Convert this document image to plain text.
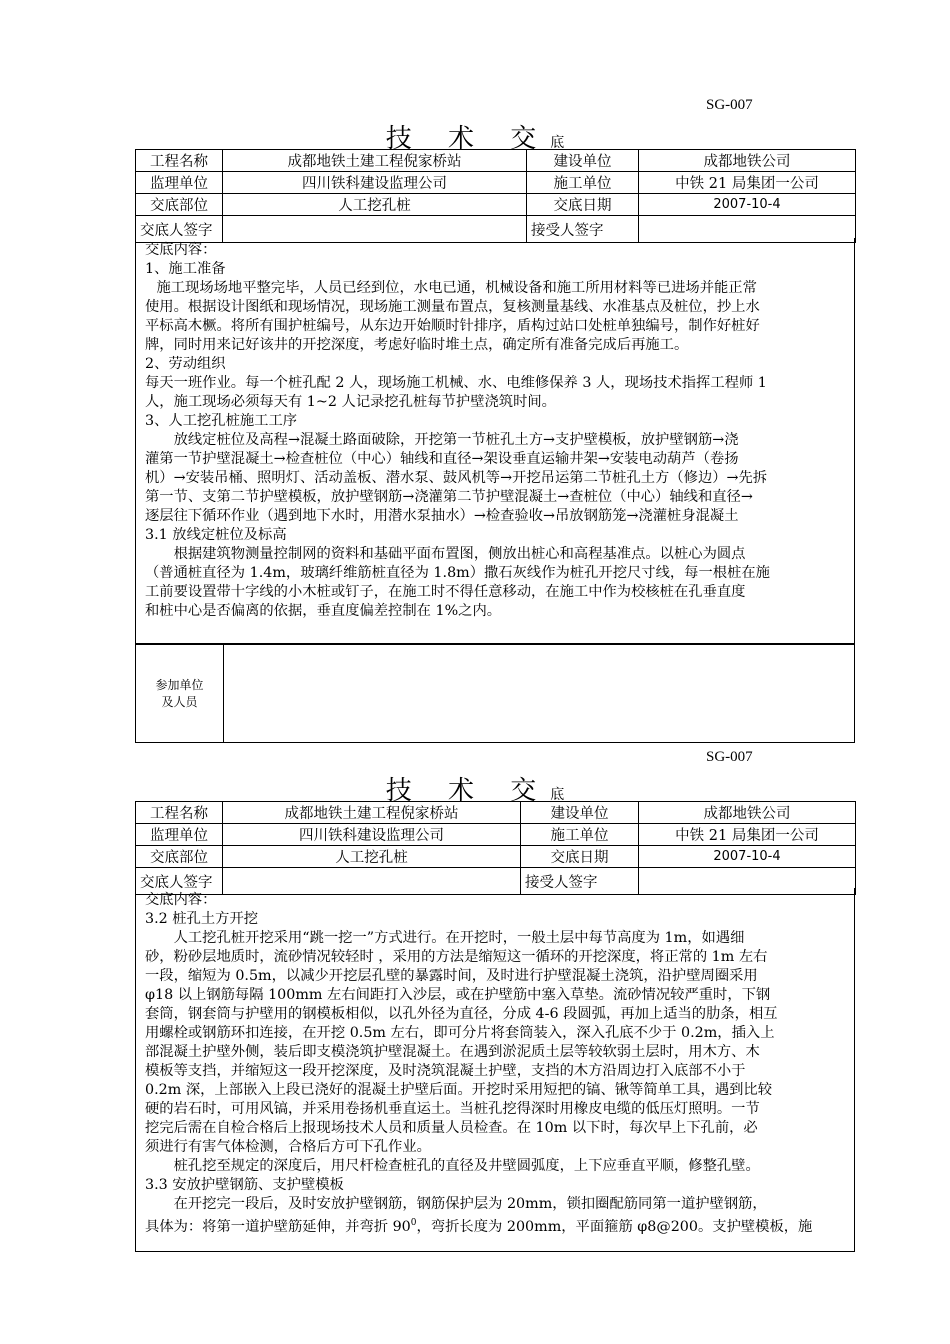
SG-007
技 术 交底
工程名称	成都地铁土建工程倪家桥站	建设单位	成都地铁公司
监理单位	四川铁科建设监理公司	施工单位	中铁 21 局集团一公司
交底部位	人工挖孔桩	交底日期	2007-10-4
交底人签字		接受人签字	

交底内容：

1、施工准备

施工现场场地平整完毕，人员已经到位，水电已通，机械设备和施工所用材料等已进场并能正常

使用。根据设计图纸和现场情况，现场施工测量布置点，复核测量基线、水准基点及桩位，抄上水

平标高木橛。将所有围护桩编号，从东边开始顺时针排序，盾构过站口处桩单独编号，制作好桩好

牌，同时用来记好该井的开挖深度，考虑好临时堆土点，确定所有准备完成后再施工。

2、劳动组织

每天一班作业。每一个桩孔配 2 人，现场施工机械、水、电维修保养 3 人，现场技术指挥工程师 1

人，施工现场必须每天有 1~2 人记录挖孔桩每节护壁浇筑时间。

3、人工挖孔桩施工工序

放线定桩位及高程→混凝土路面破除，开挖第一节桩孔土方→支护壁模板，放护壁钢筋→浇

灌第一节护壁混凝土→检查桩位（中心）轴线和直径→架设垂直运输井架→安装电动葫芦（卷扬

机）→安装吊桶、照明灯、活动盖板、潜水泵、鼓风机等→开挖吊运第二节桩孔土方（修边）→先拆

第一节、支第二节护壁模板，放护壁钢筋→浇灌第二节护壁混凝土→查桩位（中心）轴线和直径→

逐层往下循环作业（遇到地下水时，用潜水泵抽水）→检查验收→吊放钢筋笼→浇灌桩身混凝土

3.1 放线定桩位及标高

根据建筑物测量控制网的资料和基础平面布置图，侧放出桩心和高程基准点。以桩心为圆点

（普通桩直径为 1.4m，玻璃纤维筋桩直径为 1.8m）撒石灰线作为桩孔开挖尺寸线，每一根桩在施

工前要设置带十字线的小木桩或钉子，在施工时不得任意移动，在施工中作为校核桩在孔垂直度

和桩中心是否偏离的依据，垂直度偏差控制在 1%之内。

参加单位
及人员
SG-007
技 术 交底
工程名称	成都地铁土建工程倪家桥站	建设单位	成都地铁公司
监理单位	四川铁科建设监理公司	施工单位	中铁 21 局集团一公司
交底部位	人工挖孔桩	交底日期	2007-10-4
交底人签字		接受人签字	

交底内容：

3.2 桩孔土方开挖

人工挖孔桩开挖采用“跳一挖一”方式进行。在开挖时，一般土层中每节高度为 1m，如遇细

砂，粉砂层地质时，流砂情况较轻时 ，采用的方法是缩短这一循环的开挖深度，将正常的 1m 左右

一段，缩短为 0.5m，以减少开挖层孔壁的暴露时间，及时进行护壁混凝土浇筑，沿护壁周圈采用

φ18 以上钢筋每隔 100mm 左右间距打入沙层，或在护壁筋中塞入草垫。流砂情况较严重时，下钢

套筒，钢套筒与护壁用的钢模板相似，以孔外径为直径，分成 4-6 段圆弧，再加上适当的肋条，相互

用螺栓或钢筋环扣连接，在开挖 0.5m 左右，即可分片将套筒装入，深入孔底不少于 0.2m，插入上

部混凝土护壁外侧，装后即支模浇筑护壁混凝土。在遇到淤泥质土层等较软弱土层时，用木方、木

模板等支挡，并缩短这一段开挖深度，及时浇筑混凝土护壁，支挡的木方沿周边打入底部不小于

0.2m 深，上部嵌入上段已浇好的混凝土护壁后面。开挖时采用短把的镐、锹等简单工具，遇到比较

硬的岩石时，可用风镐，并采用卷扬机垂直运土。当桩孔挖得深时用橡皮电缆的低压灯照明。一节

挖完后需在自检合格后上报现场技术人员和质量人员检查。在 10m 以下时，每次早上下孔前，必

须进行有害气体检测，合格后方可下孔作业。

桩孔挖至规定的深度后，用尺杆检查桩孔的直径及井壁圆弧度，上下应垂直平顺，修整孔壁。

3.3 安放护壁钢筋、支护壁模板

在开挖完一段后，及时安放护壁钢筋，钢筋保护层为 20mm，锁扣圈配筋同第一道护壁钢筋，

具体为：将第一道护壁筋延伸，并弯折 $90^0$，弯折长度为 200mm，平面箍筋 φ8@200。支护壁模板，施
